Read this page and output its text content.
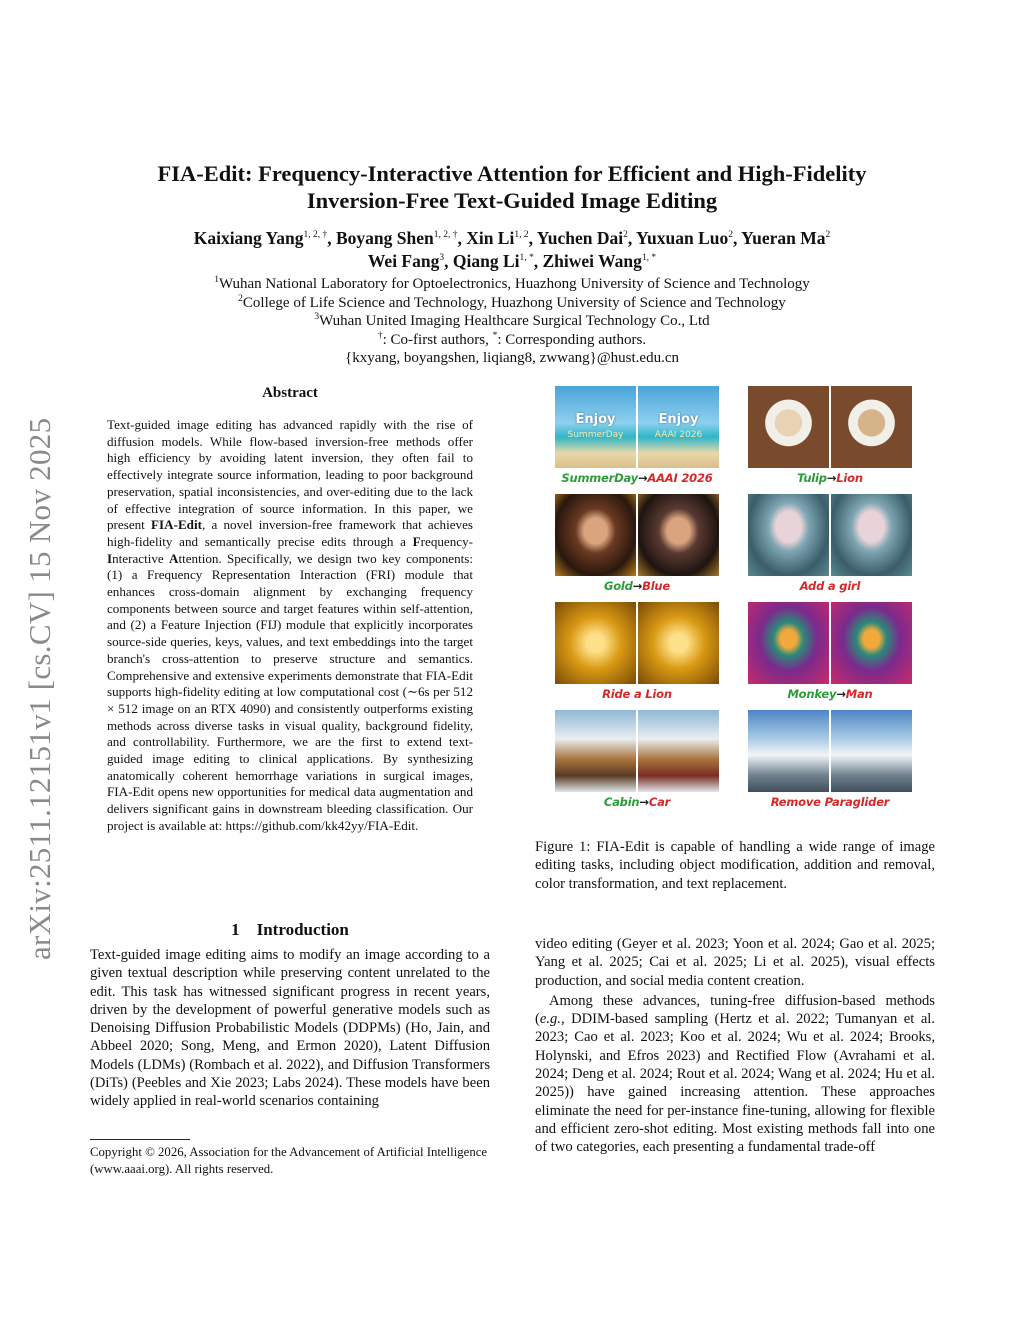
arXiv:2511.12151v1 [cs.CV] 15 Nov 2025
FIA-Edit: Frequency-Interactive Attention for Efficient and High-Fidelity
Inversion-Free Text-Guided Image Editing
Kaixiang Yang$^{1, 2, \dagger}$, Boyang Shen$^{1, 2, \dagger}$, Xin Li$^{1, 2}$, Yuchen Dai$^2$, Yuxuan Luo$^2$, Yueran Ma$^2$
Wei Fang$^3$, Qiang $Li^{1, *}$, Zhiwei Wang$^{1, *}$
$^1$Wuhan National Laboratory for Optoelectronics, Huazhong University of Science and Technology
$^2$College of Life Science and Technology, Huazhong University of Science and Technology
$^3$Wuhan United Imaging Healthcare Surgical Technology Co., Ltd
†: Co-first authors, *: Corresponding authors.
{kxyang, boyangshen, liqiang8, zwwang}@hust.edu.cn
Abstract
Text-guided image editing has advanced rapidly with the rise of diffusion models. While flow-based inversion-free methods offer high efficiency by avoiding latent inversion, they often fail to effectively integrate source information, leading to poor background preservation, spatial inconsistencies, and over-editing due to the lack of effective integration of source information. In this paper, we present FIA-Edit, a novel inversion-free framework that achieves high-fidelity and semantically precise edits through a Frequency-Interactive Attention. Specifically, we design two key components: (1) a Frequency Representation Interaction (FRI) module that enhances cross-domain alignment by exchanging frequency components between source and target features within self-attention, and (2) a Feature Injection (FIJ) module that explicitly incorporates source-side queries, keys, values, and text embeddings into the target branch's cross-attention to preserve structure and semantics. Comprehensive and extensive experiments demonstrate that FIA-Edit supports high-fidelity editing at low computational cost (∼6s per 512 × 512 image on an RTX 4090) and consistently outperforms existing methods across diverse tasks in visual quality, background fidelity, and controllability. Furthermore, we are the first to extend text-guided image editing to clinical applications. By synthesizing anatomically coherent hemorrhage variations in surgical images, FIA-Edit opens new opportunities for medical data augmentation and delivers significant gains in downstream bleeding classification. Our project is available at: https://github.com/kk42yy/FIA-Edit.
Enjoy
SummerDay
Enjoy
AAAI 2026
SummerDay→AAAI 2026	Tulip→Lion
Gold→Blue	Add a girl
Ride a Lion	Monkey→Man
Cabin→Car	Remove Paraglider
Figure 1: FIA-Edit is capable of handling a wide range of image editing tasks, including object modification, addition and removal, color transformation, and text replacement.
1 Introduction
Text-guided image editing aims to modify an image according to a given textual description while preserving content unrelated to the edit. This task has witnessed significant progress in recent years, driven by the development of powerful generative models such as Denoising Diffusion Probabilistic Models (DDPMs) (Ho, Jain, and Abbeel 2020; Song, Meng, and Ermon 2020), Latent Diffusion Models (LDMs) (Rombach et al. 2022), and Diffusion Transformers (DiTs) (Peebles and Xie 2023; Labs 2024). These models have been widely applied in real-world scenarios containing
Copyright © 2026, Association for the Advancement of Artificial Intelligence (www.aaai.org). All rights reserved.

video editing (Geyer et al. 2023; Yoon et al. 2024; Gao et al. 2025; Yang et al. 2025; Cai et al. 2025; Li et al. 2025), visual effects production, and social media content creation.

Among these advances, tuning-free diffusion-based methods (e.g., DDIM-based sampling (Hertz et al. 2022; Tumanyan et al. 2023; Cao et al. 2023; Koo et al. 2024; Wu et al. 2024; Brooks, Holynski, and Efros 2023) and Rectified Flow (Avrahami et al. 2024; Deng et al. 2024; Rout et al. 2024; Wang et al. 2024; Hu et al. 2025)) have gained increasing attention. These approaches eliminate the need for per-instance fine-tuning, allowing for flexible and efficient zero-shot editing. Most existing methods fall into one of two categories, each presenting a fundamental trade-off
